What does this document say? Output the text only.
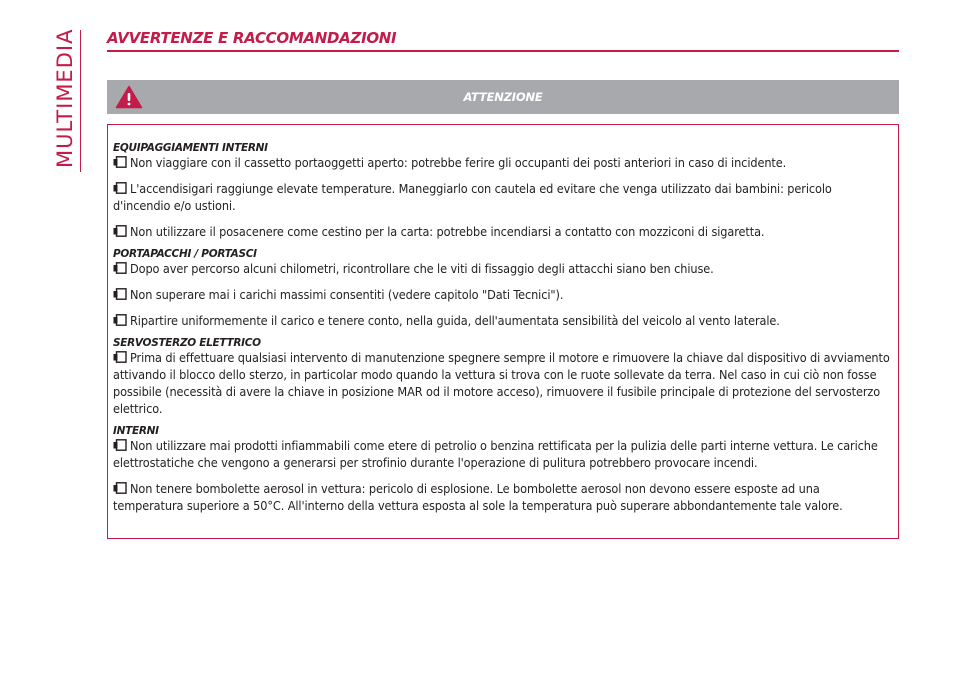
MULTIMEDIA AVVERTENZE E RACCOMANDAZIONI
ATTENZIONE

EQUIPAGGIAMENTI INTERNI

Non viaggiare con il cassetto portaoggetti aperto: potrebbe ferire gli occupanti dei posti anteriori in caso di incidente.

L'accendisigari raggiunge elevate temperature. Maneggiarlo con cautela ed evitare che venga utilizzato dai bambini: pericolo d'incendio e/o ustioni.

Non utilizzare il posacenere come cestino per la carta: potrebbe incendiarsi a contatto con mozziconi di sigaretta.

PORTAPACCHI / PORTASCI

Dopo aver percorso alcuni chilometri, ricontrollare che le viti di fissaggio degli attacchi siano ben chiuse.

Non superare mai i carichi massimi consentiti (vedere capitolo "Dati Tecnici").

Ripartire uniformemente il carico e tenere conto, nella guida, dell'aumentata sensibilità del veicolo al vento laterale.

SERVOSTERZO ELETTRICO

Prima di effettuare qualsiasi intervento di manutenzione spegnere sempre il motore e rimuovere la chiave dal dispositivo di avviamento attivando il blocco dello sterzo, in particolar modo quando la vettura si trova con le ruote sollevate da terra. Nel caso in cui ciò non fosse possibile (necessità di avere la chiave in posizione MAR od il motore acceso), rimuovere il fusibile principale di protezione del servosterzo elettrico.

INTERNI

Non utilizzare mai prodotti infiammabili come etere di petrolio o benzina rettificata per la pulizia delle parti interne vettura. Le cariche elettrostatiche che vengono a generarsi per strofinio durante l'operazione di pulitura potrebbero provocare incendi.

Non tenere bombolette aerosol in vettura: pericolo di esplosione. Le bombolette aerosol non devono essere esposte ad una temperatura superiore a 50°C. All'interno della vettura esposta al sole la temperatura può superare abbondantemente tale valore.
